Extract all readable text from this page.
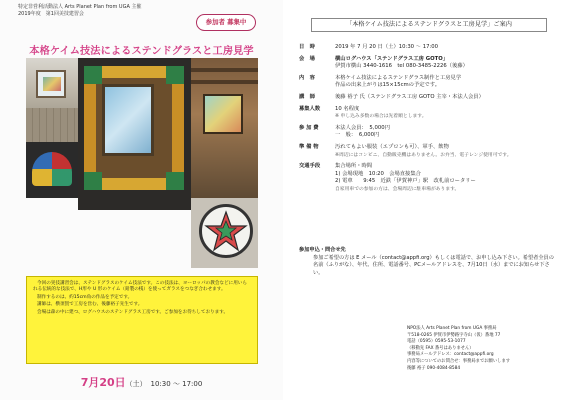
特定非営利活動法人 Arts Planet Plan from UGA 主催
2019年度　第1回美技建習会
参加者 募集中
本格ケイム技法によるステンドグラスと工房見学

今回の実技講習会は、ステンドグラスのケイム技法です。この技法は、ヨーロッパの教会などに用いられる伝統的な技法で、H形や U 形のケイム（鉛製の桟）を使ってガラスをつなぎ合わせます。

制作するのは、約15cm角の作品を予定です。

講師は、横須賀で工房を営む、後藤裕子先生です。

会場は森の中に建つ、ログハウスのステンドグラス工房です。ご参加をお待ちしております。

7月20日（土） 10:30 ～ 17:00
「本格ケイム技法によるステンドグラスと工房見学」ご案内
日　時	2019 年 7 月 20 日（土）10:30 ～ 17:00
会　場	横山ログハウス「ステンドグラス工房 GOTO」
伊賀市横山 3440-1616　tel 080-3485-2226（後藤）
内　容	本格ケイム技法によるステンドグラス制作と工房見学
作品の出来上がりは15×15cmの予定です。
講　師	後藤 裕子 氏（ステンドグラス工房 GOTO 主宰・本法人会員）
募集人数	10 名程度
※ 申し込み多数の場合は先着順とします。
参 加 費	本法人会員：　5,000円
一　般：　6,000円
準 備 物	汚れてもよい服装（エプロンも可）、軍手、飲物
※周辺にはコンビニ、自動販売機はありません。お弁当、電子レンジ使用可です。
交通手段	集合場所・時間
1) 会場現地　10:20　会場直接集合
2) 電車　　9:45　近鉄「伊賀神戸」駅　改札前ロータリー
自家用車での参加の方は、会場周辺に駐車場があります。
参加申込・問合せ先
参加ご希望の方は E メール（contact@appfi.org）もしくは電話で、お申し込み下さい。希望者全員の名前（ふりがな）、年代、住所、電話番号、PCメールアドレスを、7月10日（水）までにお知らせ下さい。
NPO法人 Arts Planet Plan from UGA 事務局
〒518-0265 伊賀市伊勢路字寺山（仮）番地 77
電話（0595）0595-53-1077
（移動先 FAX 番号はありません）
事務局メールアドレス：contact@appfi.org
内容等についてのお問合せ：事務局までお願いします
後藤 裕子 090-4084-8584
